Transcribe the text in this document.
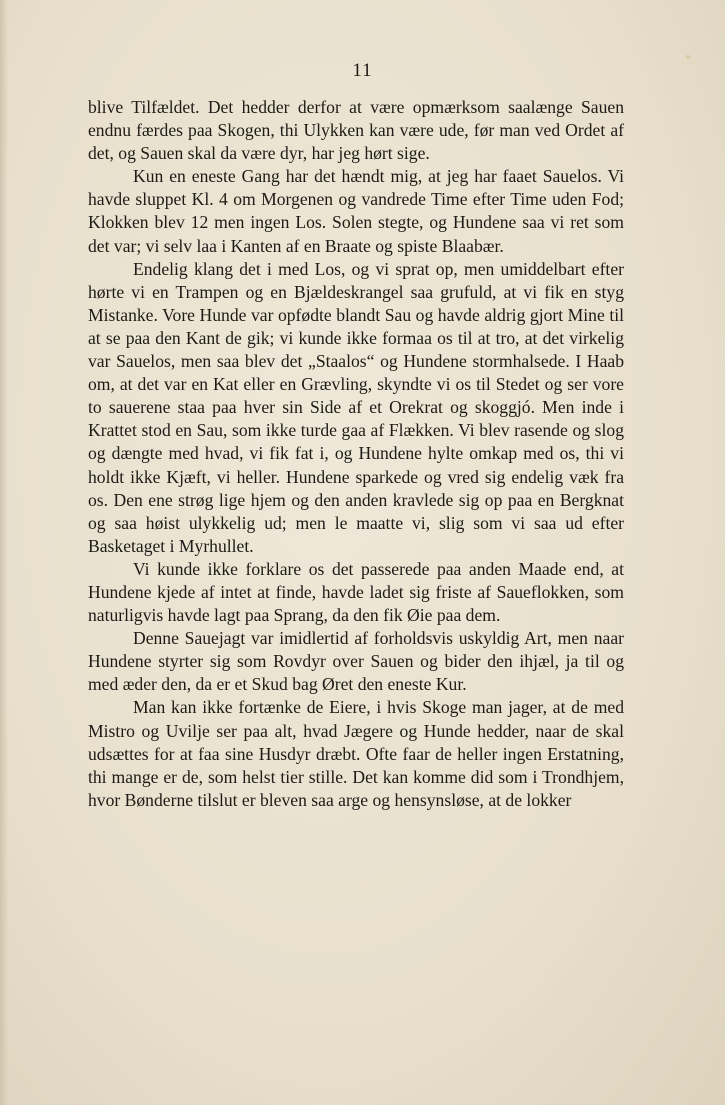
11

blive Tilfældet. Det hedder derfor at være opmærksom saalænge Sauen endnu færdes paa Skogen, thi Ulykken kan være ude, før man ved Ordet af det, og Sauen skal da være dyr, har jeg hørt sige.

Kun en eneste Gang har det hændt mig, at jeg har faaet Sauelos. Vi havde sluppet Kl. 4 om Morgenen og vandrede Time efter Time uden Fod; Klokken blev 12 men ingen Los. Solen stegte, og Hundene saa vi ret som det var; vi selv laa i Kanten af en Braate og spiste Blaabær.

Endelig klang det i med Los, og vi sprat op, men umiddelbart efter hørte vi en Trampen og en Bjældeskrangel saa grufuld, at vi fik en styg Mistanke. Vore Hunde var opfødte blandt Sau og havde aldrig gjort Mine til at se paa den Kant de gik; vi kunde ikke formaa os til at tro, at det virkelig var Sauelos, men saa blev det „Staalos“ og Hundene stormhalsede. I Haab om, at det var en Kat eller en Grævling, skyndte vi os til Stedet og ser vore to sauerene staa paa hver sin Side af et Orekrat og skoggjó. Men inde i Krattet stod en Sau, som ikke turde gaa af Flækken. Vi blev rasende og slog og dængte med hvad, vi fik fat i, og Hundene hylte omkap med os, thi vi holdt ikke Kjæft, vi heller. Hundene sparkede og vred sig endelig væk fra os. Den ene strøg lige hjem og den anden kravlede sig op paa en Bergknat og saa høist ulykkelig ud; men le maatte vi, slig som vi saa ud efter Basketaget i Myrhullet.

Vi kunde ikke forklare os det passerede paa anden Maade end, at Hundene kjede af intet at finde, havde ladet sig friste af Saueflokken, som naturligvis havde lagt paa Sprang, da den fik Øie paa dem.

Denne Sauejagt var imidlertid af forholdsvis uskyldig Art, men naar Hundene styrter sig som Rovdyr over Sauen og bider den ihjæl, ja til og med æder den, da er et Skud bag Øret den eneste Kur.

Man kan ikke fortænke de Eiere, i hvis Skoge man jager, at de med Mistro og Uvilje ser paa alt, hvad Jægere og Hunde hedder, naar de skal udsættes for at faa sine Husdyr dræbt. Ofte faar de heller ingen Erstatning, thi mange er de, som helst tier stille. Det kan komme did som i Trondhjem, hvor Bønderne tilslut er bleven saa arge og hensynsløse, at de lokker
